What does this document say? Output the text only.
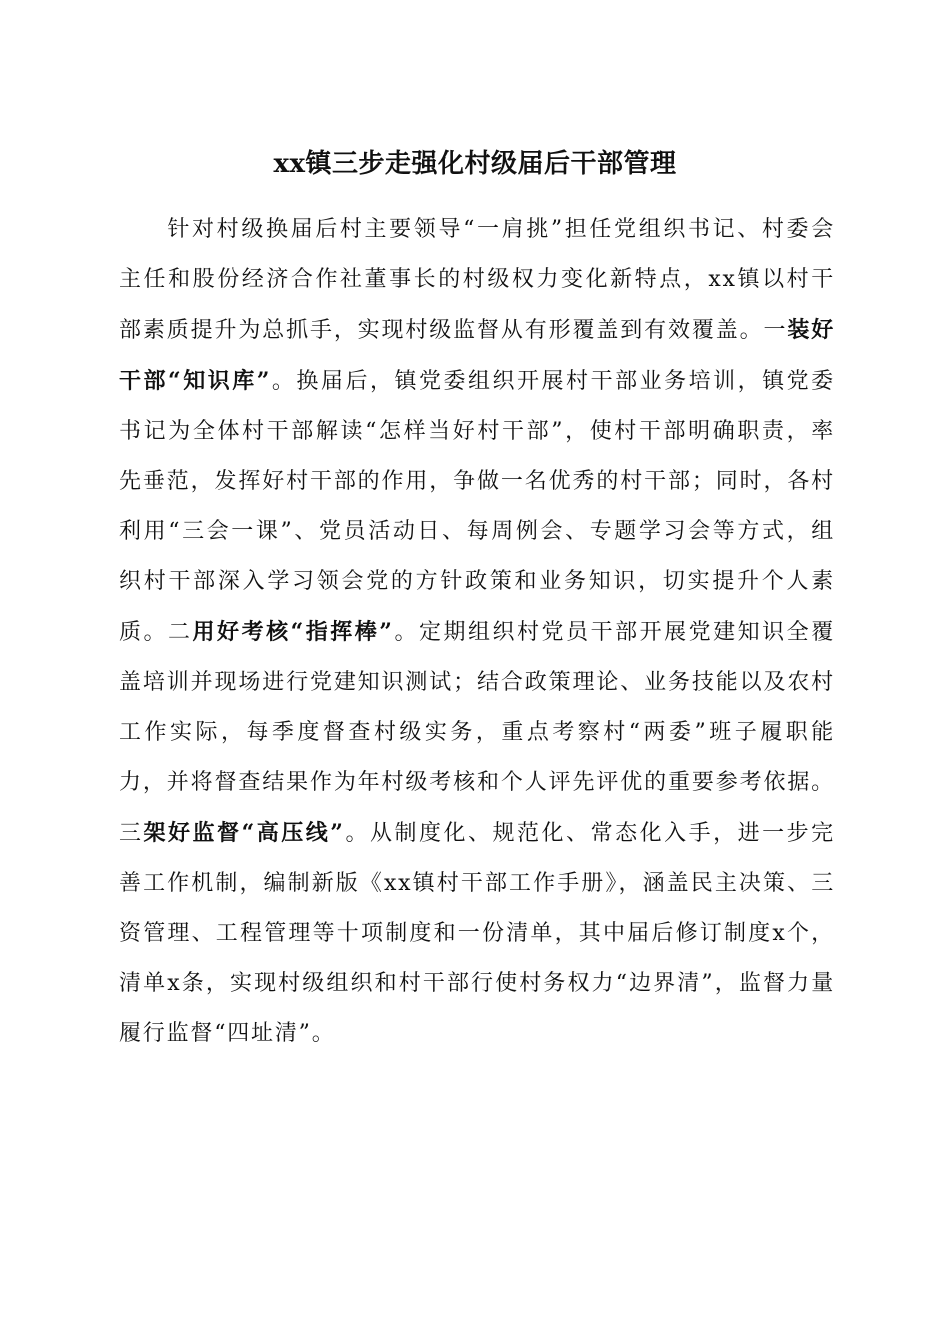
xx镇三步走强化村级届后干部管理

针对村级换届后村主要领导“一肩挑”担任党组织书记、村委会主任和股份经济合作社董事长的村级权力变化新特点，xx镇以村干部素质提升为总抓手，实现村级监督从有形覆盖到有效覆盖。一装好干部“知识库”。换届后，镇党委组织开展村干部业务培训，镇党委书记为全体村干部解读“怎样当好村干部”，使村干部明确职责，率先垂范，发挥好村干部的作用，争做一名优秀的村干部；同时，各村利用“三会一课”、党员活动日、每周例会、专题学习会等方式，组织村干部深入学习领会党的方针政策和业务知识，切实提升个人素质。二用好考核“指挥棒”。定期组织村党员干部开展党建知识全覆盖培训并现场进行党建知识测试；结合政策理论、业务技能以及农村工作实际，每季度督查村级实务，重点考察村“两委”班子履职能力，并将督查结果作为年村级考核和个人评先评优的重要参考依据。三架好监督“高压线”。从制度化、规范化、常态化入手，进一步完善工作机制，编制新版《xx镇村干部工作手册》，涵盖民主决策、三资管理、工程管理等十项制度和一份清单，其中届后修订制度x个，清单x条，实现村级组织和村干部行使村务权力“边界清”，监督力量履行监督“四址清”。
